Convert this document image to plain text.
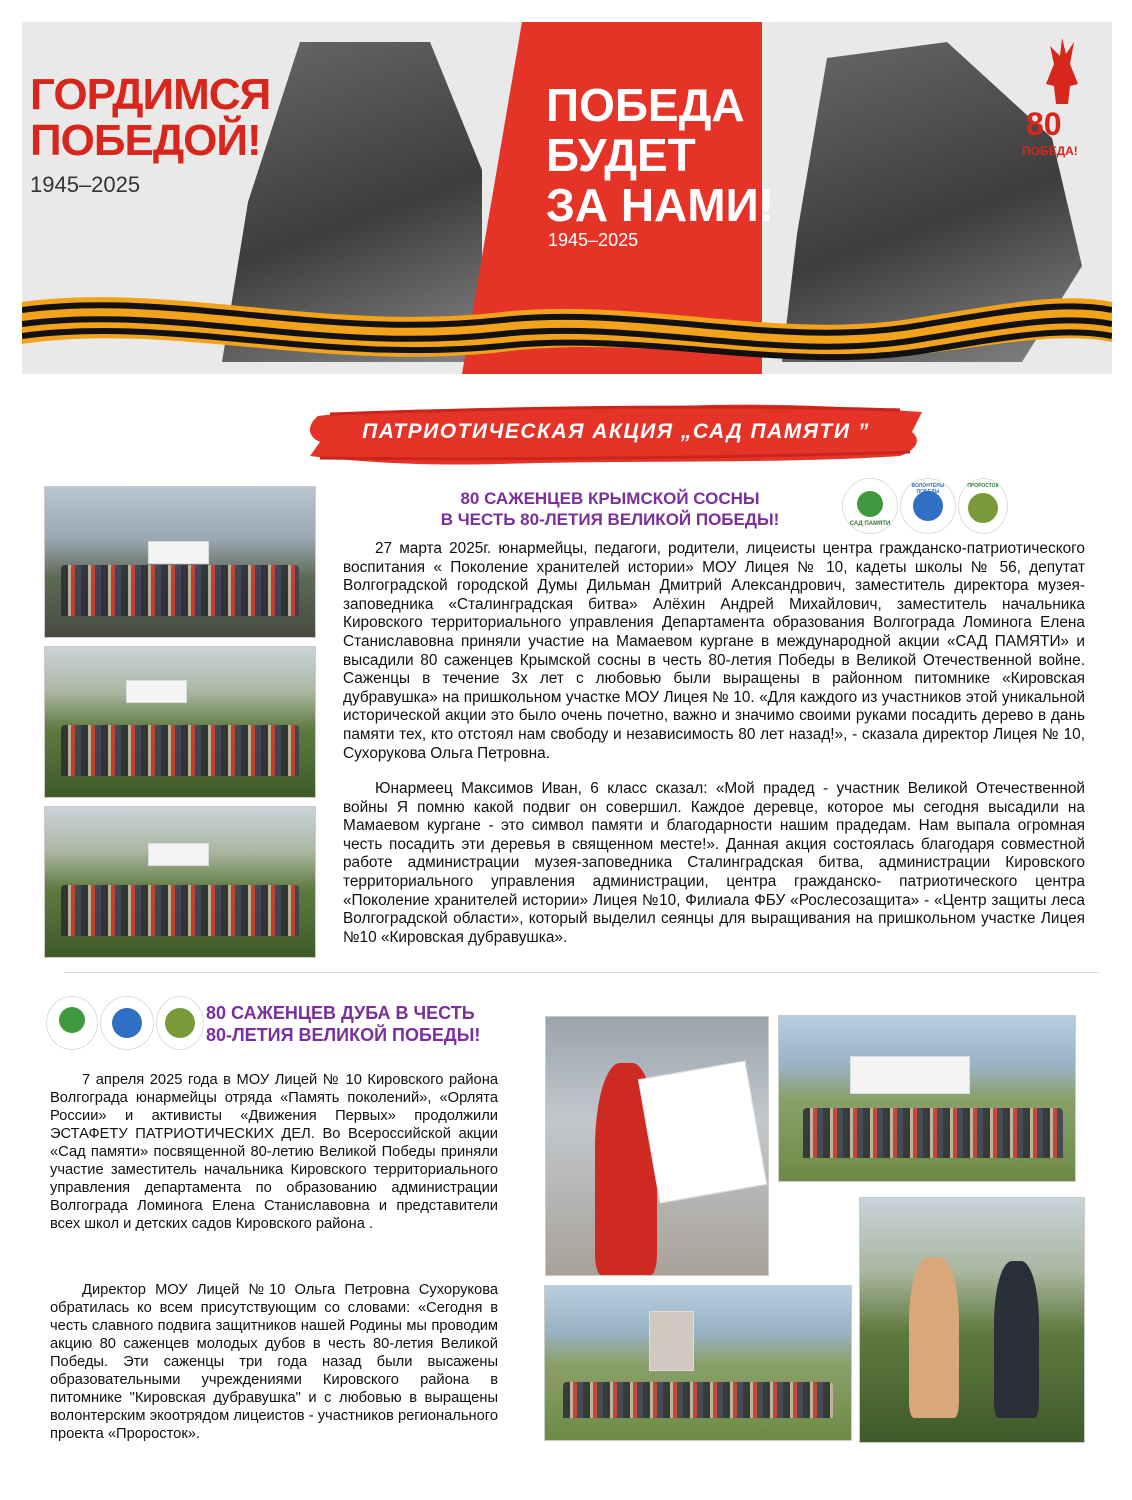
ГОРДИМСЯ
ПОБЕДОЙ!
1945–2025
ПОБЕДА
БУДЕТ
ЗА НАМИ!
1945–2025
80
ПОБЕДА!
ПАТРИОТИЧЕСКАЯ АКЦИЯ „САД ПАМЯТИ ”
80 САЖЕНЦЕВ КРЫМСКОЙ СОСНЫ
В ЧЕСТЬ 80-ЛЕТИЯ ВЕЛИКОЙ ПОБЕДЫ!	САД ПАМЯТИ
ВОЛОНТЁРЫ ПОБЕДЫ
ПРОРОСТОК

27 марта 2025г. юнармейцы, педагоги, родители, лицеисты центра гражданско-патриотического воспитания « Поколение хранителей истории» МОУ Лицея № 10, кадеты школы № 56, депутат Волгоградской городской Думы Дильман Дмитрий Александрович, заместитель директора музея-заповедника «Сталинградская битва» Алёхин Андрей Михайлович, заместитель начальника Кировского территориального управления Департамента образования Волгограда Ломинога Елена Станиславовна приняли участие на Мамаевом кургане в международной акции «САД ПАМЯТИ» и высадили 80 саженцев Крымской сосны в честь 80-летия Победы в Великой Отечественной войне. Саженцы в течение 3х лет с любовью были выращены в районном питомнике «Кировская дубравушка» на пришкольном участке МОУ Лицея № 10. «Для каждого из участников этой уникальной исторической акции это было очень почетно, важно и значимо своими руками посадить дерево в дань памяти тех, кто отстоял нам свободу и независимость 80 лет назад!», - сказала директор Лицея № 10, Сухорукова Ольга Петровна.

Юнармеец Максимов Иван, 6 класс сказал: «Мой прадед - участник Великой Отечественной войны Я помню какой подвиг он совершил. Каждое деревце, которое мы сегодня высадили на Мамаевом кургане - это символ памяти и благодарности нашим прадедам. Нам выпала огромная честь посадить эти деревья в священном месте!». Данная акция состоялась благодаря совместной работе администрации музея-заповедника Сталинградская битва, администрации Кировского территориального управления администрации, центра гражданско- патриотического центра «Поколение хранителей истории» Лицея №10, Филиала ФБУ «Рослесозащита» - «Центр защиты леса Волгоградской области», который выделил сеянцы для выращивания на пришкольном участке Лицея №10 «Кировская дубравушка».

80 САЖЕНЦЕВ ДУБА В ЧЕСТЬ
80-ЛЕТИЯ ВЕЛИКОЙ ПОБЕДЫ!

7 апреля 2025 года в МОУ Лицей № 10 Кировского района Волгограда юнармейцы отряда «Память поколений», «Орлята России» и активисты «Движения Первых» продолжили ЭСТАФЕТУ ПАТРИОТИЧЕСКИХ ДЕЛ. Во Всероссийской акции «Сад памяти» посвященной 80-летию Великой Победы приняли участие заместитель начальника Кировского территориального управления департамента по образованию администрации Волгограда Ломинога Елена Станиславовна и представители всех школ и детских садов Кировского района .

Директор МОУ Лицей №10 Ольга Петровна Сухорукова обратилась ко всем присутствующим со словами: «Сегодня в честь славного подвига защитников нашей Родины мы проводим акцию 80 саженцев молодых дубов в честь 80-летия Великой Победы. Эти саженцы три года назад были высажены образовательными учреждениями Кировского района в питомнике "Кировская дубравушка" и с любовью в выращены волонтерским экоотрядом лицеистов - участников регионального проекта «Проросток».
